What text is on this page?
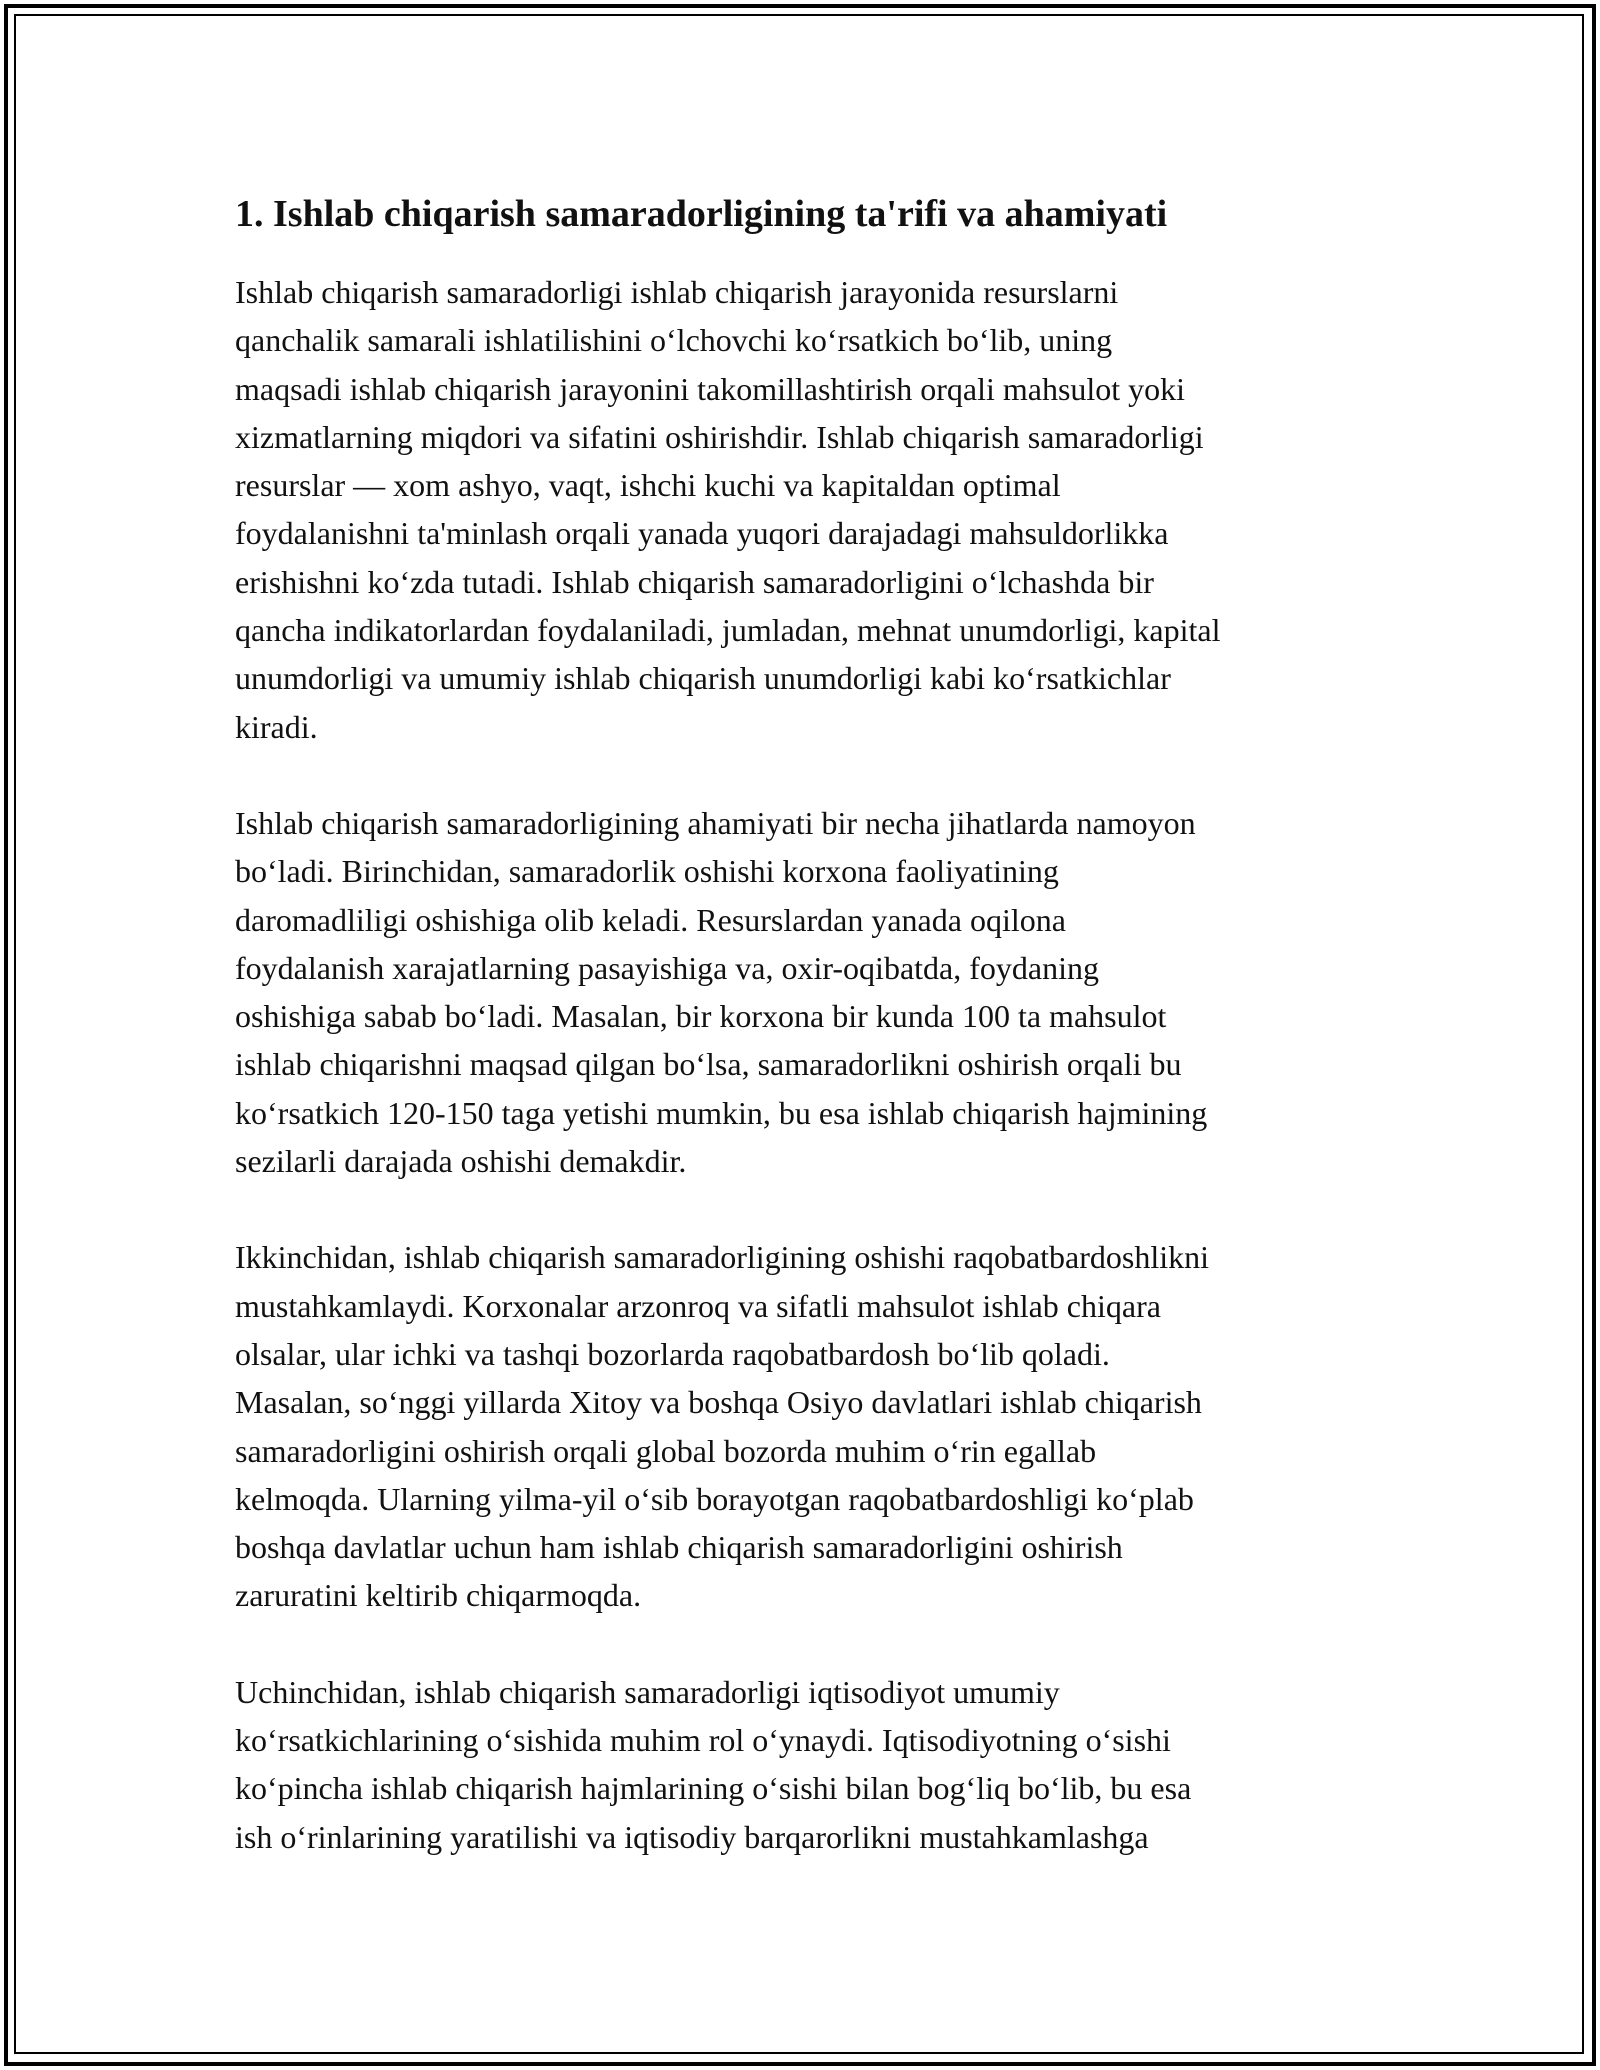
1. Ishlab chiqarish samaradorligining ta'rifi va ahamiyati

Ishlab chiqarish samaradorligi ishlab chiqarish jarayonida resurslarni
qanchalik samarali ishlatilishini o‘lchovchi ko‘rsatkich bo‘lib, uning
maqsadi ishlab chiqarish jarayonini takomillashtirish orqali mahsulot yoki
xizmatlarning miqdori va sifatini oshirishdir. Ishlab chiqarish samaradorligi
resurslar — xom ashyo, vaqt, ishchi kuchi va kapitaldan optimal
foydalanishni ta'minlash orqali yanada yuqori darajadagi mahsuldorlikka
erishishni ko‘zda tutadi. Ishlab chiqarish samaradorligini o‘lchashda bir
qancha indikatorlardan foydalaniladi, jumladan, mehnat unumdorligi, kapital
unumdorligi va umumiy ishlab chiqarish unumdorligi kabi ko‘rsatkichlar
kiradi.

Ishlab chiqarish samaradorligining ahamiyati bir necha jihatlarda namoyon
bo‘ladi. Birinchidan, samaradorlik oshishi korxona faoliyatining
daromadliligi oshishiga olib keladi. Resurslardan yanada oqilona
foydalanish xarajatlarning pasayishiga va, oxir-oqibatda, foydaning
oshishiga sabab bo‘ladi. Masalan, bir korxona bir kunda 100 ta mahsulot
ishlab chiqarishni maqsad qilgan bo‘lsa, samaradorlikni oshirish orqali bu
ko‘rsatkich 120-150 taga yetishi mumkin, bu esa ishlab chiqarish hajmining
sezilarli darajada oshishi demakdir.

Ikkinchidan, ishlab chiqarish samaradorligining oshishi raqobatbardoshlikni
mustahkamlaydi. Korxonalar arzonroq va sifatli mahsulot ishlab chiqara
olsalar, ular ichki va tashqi bozorlarda raqobatbardosh bo‘lib qoladi.
Masalan, so‘nggi yillarda Xitoy va boshqa Osiyo davlatlari ishlab chiqarish
samaradorligini oshirish orqali global bozorda muhim o‘rin egallab
kelmoqda. Ularning yilma-yil o‘sib borayotgan raqobatbardoshligi ko‘plab
boshqa davlatlar uchun ham ishlab chiqarish samaradorligini oshirish
zaruratini keltirib chiqarmoqda.

Uchinchidan, ishlab chiqarish samaradorligi iqtisodiyot umumiy
ko‘rsatkichlarining o‘sishida muhim rol o‘ynaydi. Iqtisodiyotning o‘sishi
ko‘pincha ishlab chiqarish hajmlarining o‘sishi bilan bog‘liq bo‘lib, bu esa
ish o‘rinlarining yaratilishi va iqtisodiy barqarorlikni mustahkamlashga
